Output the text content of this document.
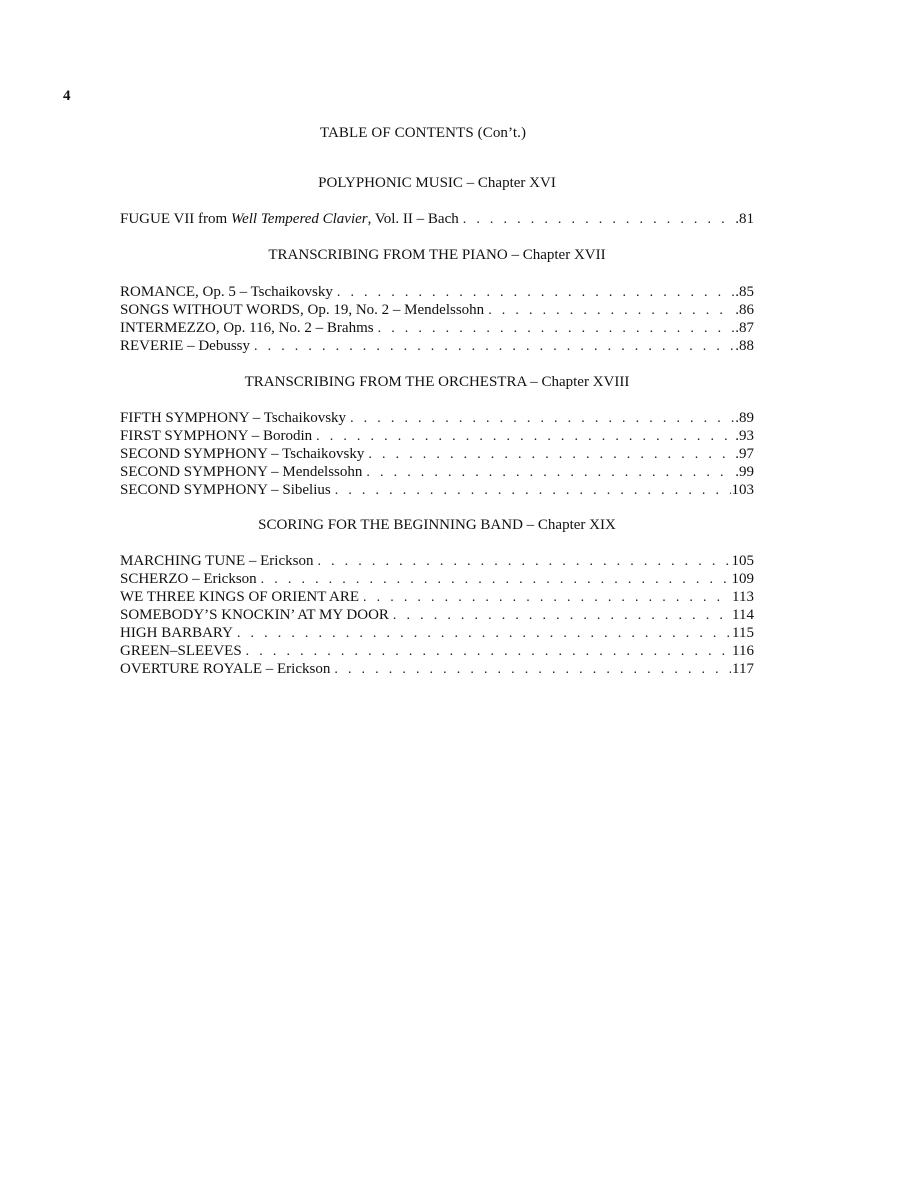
4
TABLE OF CONTENTS (Con’t.)
POLYPHONIC MUSIC – Chapter XVI
FUGUE VII from Well Tempered Clavier, Vol. II – Bach . . .	.81
TRANSCRIBING FROM THE PIANO – Chapter XVII
ROMANCE, Op. 5 – Tschaikovsky . . .	.85
SONGS WITHOUT WORDS, Op. 19, No. 2 – Mendelssohn . . .	.86
INTERMEZZO, Op. 116, No. 2 – Brahms . . .	.87
REVERIE – Debussy . . .	.88
TRANSCRIBING FROM THE ORCHESTRA – Chapter XVIII
FIFTH SYMPHONY – Tschaikovsky . . .	.89
FIRST SYMPHONY – Borodin . . .	.93
SECOND SYMPHONY – Tschaikovsky . . .	.97
SECOND SYMPHONY – Mendelssohn . . .	.99
SECOND SYMPHONY – Sibelius . . .	103
SCORING FOR THE BEGINNING BAND – Chapter XIX
MARCHING TUNE – Erickson . . .	105
SCHERZO – Erickson . . .	109
WE THREE KINGS OF ORIENT ARE . . .	113
SOMEBODY’S KNOCKIN’ AT MY DOOR . . .	114
HIGH BARBARY . . .	115
GREEN–SLEEVES . . .	116
OVERTURE ROYALE – Erickson . . .	117
